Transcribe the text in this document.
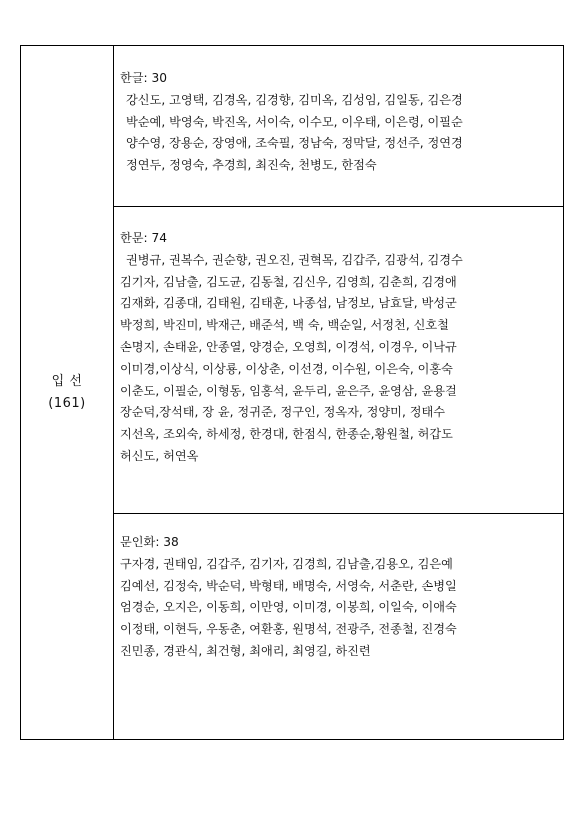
입 선
(161)
한글: 30
강신도, 고영택, 김경옥, 김경향, 김미옥, 김성임, 김일동, 김은경
박순예, 박영숙, 박진옥, 서이숙, 이수모, 이우태, 이은령, 이필순
양수영, 장용순, 장영애, 조숙필, 정남숙, 정막달, 정선주, 정연경
정연두, 정영숙, 추경희, 최진숙, 천병도, 한점숙
한문: 74
권병규, 권복수, 권순향, 권오진, 권혁목, 김갑주, 김광석, 김경수
김기자, 김남출, 김도균, 김동철, 김신우, 김영희, 김춘희, 김경애
김재화, 김종대, 김태원, 김태훈, 나종섭, 남정보, 남효달, 박성군
박정희, 박진미, 박재근, 배준석, 백 숙, 백순일, 서정천, 신호철
손명지, 손태윤, 안종열, 양경순, 오영희, 이경석, 이경우, 이낙규
이미경,이상식, 이상룡, 이상춘, 이선경, 이수원, 이은숙, 이홍숙
이춘도, 이필순, 이형동, 임홍석, 윤두리, 윤은주, 윤영삼, 윤용걸
장순덕,장석태, 장 윤, 정귀준, 정구인, 정옥자, 정양미, 정태수
지선옥, 조외숙, 하세정, 한경대, 한점식, 한종순,황원철, 허갑도
허신도, 허연옥
문인화: 38
구자경, 권태임, 김갑주, 김기자, 김경희, 김남출,김용오, 김은예
김예선, 김정숙, 박순덕, 박형태, 배명숙, 서영숙, 서춘란, 손병일
엄경순, 오지은, 이동희, 이만영, 이미경, 이봉희, 이일숙, 이애숙
이정태, 이현득, 우동춘, 여환홍, 원명석, 전광주, 전종철, 진경숙
진민종, 경관식, 최건형, 최애리, 최영길, 하진련
